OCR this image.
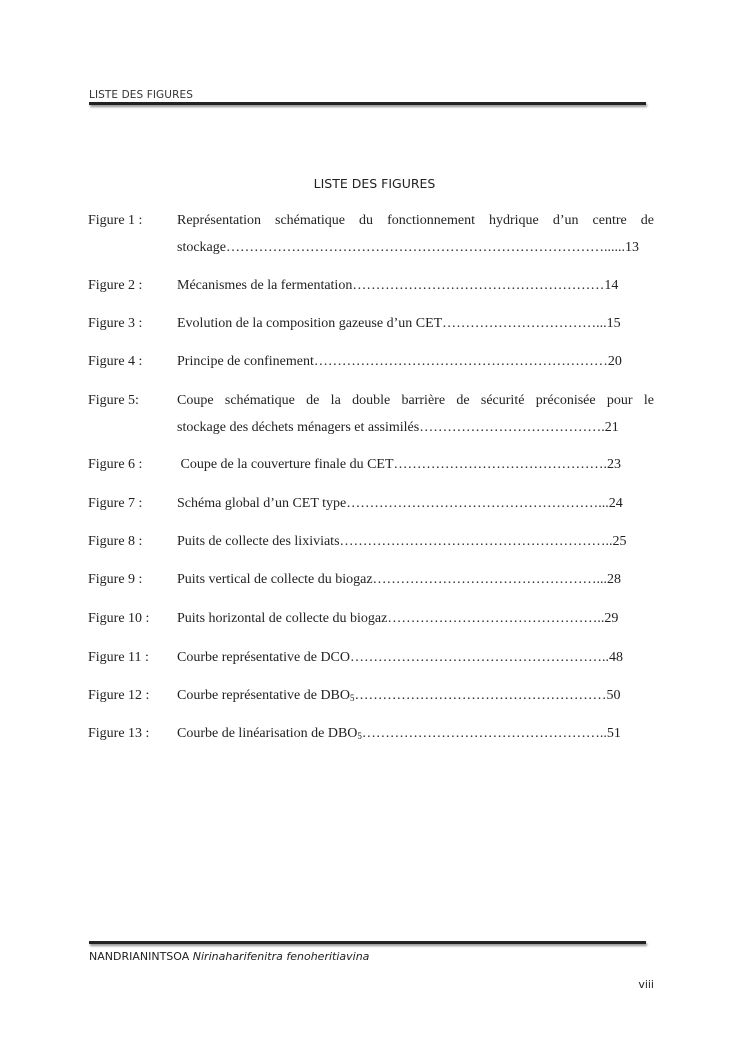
LISTE DES FIGURES
LISTE DES FIGURES
Figure 1 : Représentation schématique du fonctionnement hydrique d’un centre de
stockage………………………………………………………………………......13
Figure 2 : Mécanismes de la fermentation………………………………………………14
Figure 3 : Evolution de la composition gazeuse d’un CET……………………………...15
Figure 4 : Principe de confinement………………………………………………………20
Figure 5:	Coupe schématique de la double barrière de sécurité préconisée pour le
stockage des déchets ménagers et assimilés………………………………….21
Figure 6 : Coupe de la couverture finale du CET……………………………………….23
Figure 7 : Schéma global d’un CET type………………………………………………...24
Figure 8 : Puits de collecte des lixiviats…………………………………………………..25
Figure 9 : Puits vertical de collecte du biogaz…………………………………………...28
Figure 10 : Puits horizontal de collecte du biogaz………………………………………..29
Figure 11 : Courbe représentative de DCO………………………………………………..48
Figure 12 : Courbe représentative de $DBO_5\dots\dots\dots\dots\dots\dots\dots\dots\dots\dots\dots\dots\dots\dots\dots\dots\dots\dots 50$
Figure 13 : Courbe de linéarisation de $DBO_5\dots\dots\dots\dots\dots\dots\dots\dots\dots\dots\dots\dots\dots\dots\dots\dots\dots..51$
NANDRIANINTSOA Nirinaharifenitra fenoheritiavina
viii
